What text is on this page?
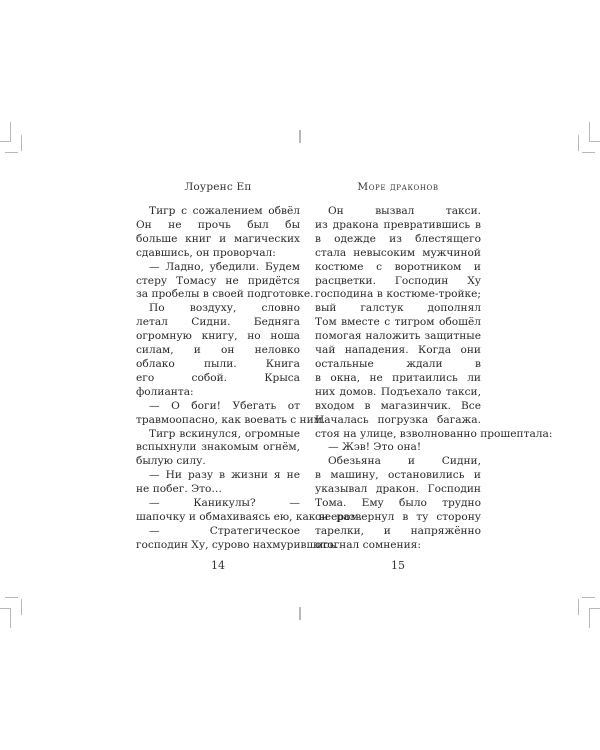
Лоуренс Еп
Тигр с сожалением обвёл
Он не прочь был бы
больше книг и магических
сдавшись, он проворчал:
— Ладно, убедили. Будем
стеру Томасу не придётся
за пробелы в своей подготовке.
По воздуху, словно
летал Сидни. Бедняга
огромную книгу, но ноша
силам, и он неловко
облако пыли. Книга
его собой. Крыса
фолианта:
— О боги! Убегать от
травмоопасно, как воевать с ним.
Тигр вскинулся, огромные
вспыхнули знакомым огнём,
былую силу.
— Ни разу в жизни я не
не побег. Это…
— Каникулы? —
шапочку и обмахиваясь ею, как веером.
— Стратегическое
господин Ху, сурово нахмурившись.
14
Море драконов
Он вызвал такси.
из дракона превратившись в
в одежде из блестящего
стала невысоким мужчиной
костюме с воротником и
расцветки. Господин Ху
господина в костюме-тройке;
вый галстук дополнял
Том вместе с тигром обошёл
помогая наложить защитные
чай нападения. Когда они
остальные ждали в
в окна, не притаились ли
них домов. Подъехало такси,
входом в магазинчик. Все
Началась погрузка багажа.
стоя на улице, взволнованно прошептала:
— Жэв! Это она!
Обезьяна и Сидни,
в машину, остановились и
указывал дракон. Господин
Тома. Ему было трудно
он развернул в ту сторону
тарелки, и напряжённо
отогнал сомнения:
15
